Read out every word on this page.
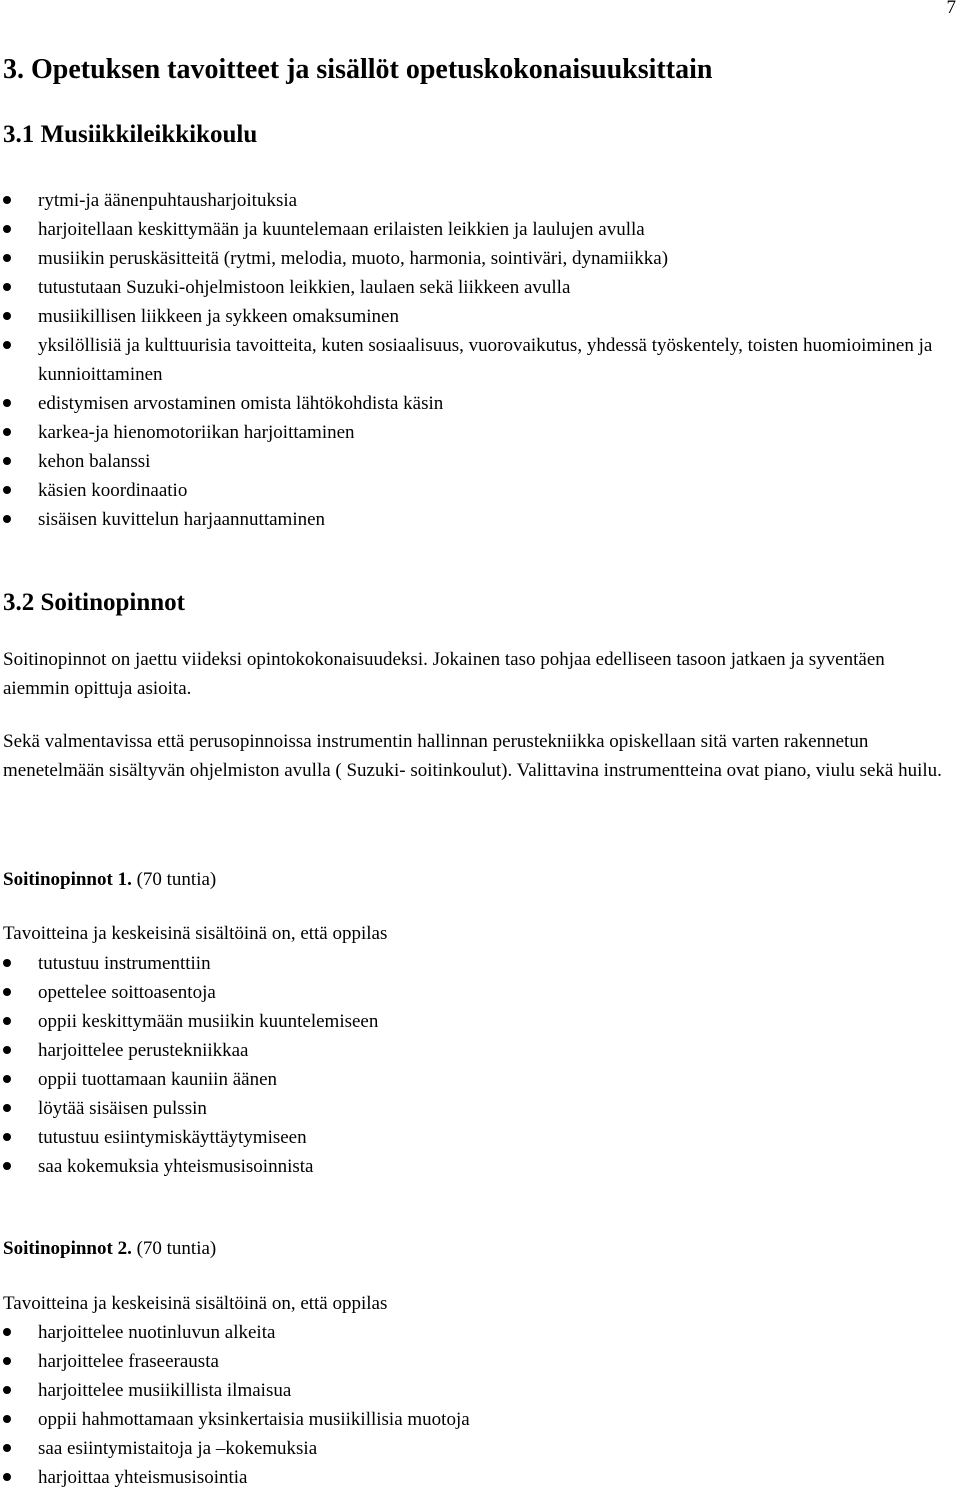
7
3. Opetuksen tavoitteet ja sisällöt opetuskokonaisuuksittain
3.1 Musiikkileikkikoulu
rytmi-ja äänenpuhtausharjoituksia
harjoitellaan keskittymään ja kuuntelemaan erilaisten leikkien ja laulujen avulla
musiikin peruskäsitteitä (rytmi, melodia, muoto, harmonia, sointiväri, dynamiikka)
tutustutaan Suzuki-ohjelmistoon leikkien, laulaen sekä liikkeen avulla
musiikillisen liikkeen ja sykkeen omaksuminen
yksilöllisiä ja kulttuurisia tavoitteita, kuten sosiaalisuus, vuorovaikutus, yhdessä työskentely, toisten huomioiminen ja kunnioittaminen
edistymisen arvostaminen omista lähtökohdista käsin
karkea-ja hienomotoriikan harjoittaminen
kehon balanssi
käsien koordinaatio
sisäisen kuvittelun harjaannuttaminen
3.2 Soitinopinnot

Soitinopinnot on jaettu viideksi opintokokonaisuudeksi. Jokainen taso pohjaa edelliseen tasoon jatkaen ja syventäen aiemmin opittuja asioita.

Sekä valmentavissa että perusopinnoissa instrumentin hallinnan perustekniikka opiskellaan sitä varten rakennetun menetelmään sisältyvän ohjelmiston avulla ( Suzuki- soitinkoulut). Valittavina instrumentteina ovat piano, viulu sekä huilu.

Soitinopinnot 1. (70 tuntia)
Tavoitteina ja keskeisinä sisältöinä on, että oppilas
tutustuu instrumenttiin
opettelee soittoasentoja
oppii keskittymään musiikin kuuntelemiseen
harjoittelee perustekniikkaa
oppii tuottamaan kauniin äänen
löytää sisäisen pulssin
tutustuu esiintymiskäyttäytymiseen
saa kokemuksia yhteismusisoinnista
Soitinopinnot 2. (70 tuntia)
Tavoitteina ja keskeisinä sisältöinä on, että oppilas
harjoittelee nuotinluvun alkeita
harjoittelee fraseerausta
harjoittelee musiikillista ilmaisua
oppii hahmottamaan yksinkertaisia musiikillisia muotoja
saa esiintymistaitoja ja –kokemuksia
harjoittaa yhteismusisointia
